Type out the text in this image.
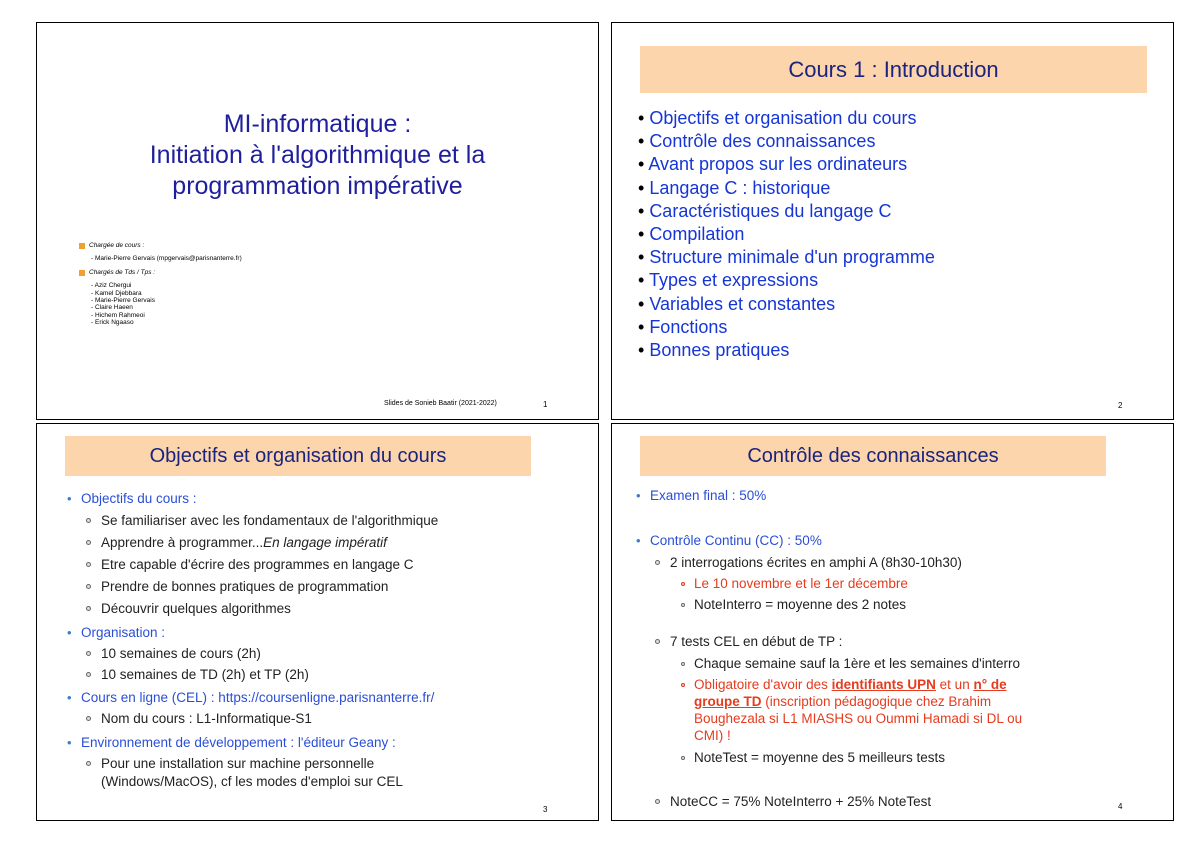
MI-informatique :
Initiation à l'algorithmique et la
programmation impérative
Chargée de cours :
- Marie-Pierre Gervais (mpgervais@parisnanterre.fr)
Chargés de Tds / Tps :
- Aziz Chergui
- Kamel Djebbara
- Marie-Pierre Gervais
- Claire Haeen
- Hichem Rahmeoi
- Erick Ngaaso
Slides de Sonieb Baatir (2021-2022)	1
Cours 1 : Introduction
• Objectifs et organisation du cours
• Contrôle des connaissances
• Avant propos sur les ordinateurs
• Langage C : historique
• Caractéristiques du langage C
• Compilation
• Structure minimale d'un programme
• Types et expressions
• Variables et constantes
• Fonctions
• Bonnes pratiques
2
Objectifs et organisation du cours
• Objectifs du cours :
Se familiariser avec les fondamentaux de l'algorithmique
Apprendre à programmer...En langage impératif
Etre capable d'écrire des programmes en langage C
Prendre de bonnes pratiques de programmation
Découvrir quelques algorithmes
• Organisation :
10 semaines de cours (2h)
10 semaines de TD (2h) et TP (2h)
• Cours en ligne (CEL) : https://coursenligne.parisnanterre.fr/
Nom du cours : L1-Informatique-S1
• Environnement de développement : l'éditeur Geany :
Pour une installation sur machine personnelle
(Windows/MacOS), cf les modes d'emploi sur CEL
3
Contrôle des connaissances
• Examen final : 50%
• Contrôle Continu (CC) : 50%
2 interrogations écrites en amphi A (8h30-10h30)
Le 10 novembre et le 1er décembre
NoteInterro = moyenne des 2 notes
7 tests CEL en début de TP :
Chaque semaine sauf la 1ère et les semaines d'interro
Obligatoire d'avoir des identifiants UPN et un n° de
groupe TD (inscription pédagogique chez Brahim
Boughezala si L1 MIASHS ou Oummi Hamadi si DL ou
CMI) !
NoteTest = moyenne des 5 meilleurs tests
NoteCC = 75% NoteInterro + 25% NoteTest	4
